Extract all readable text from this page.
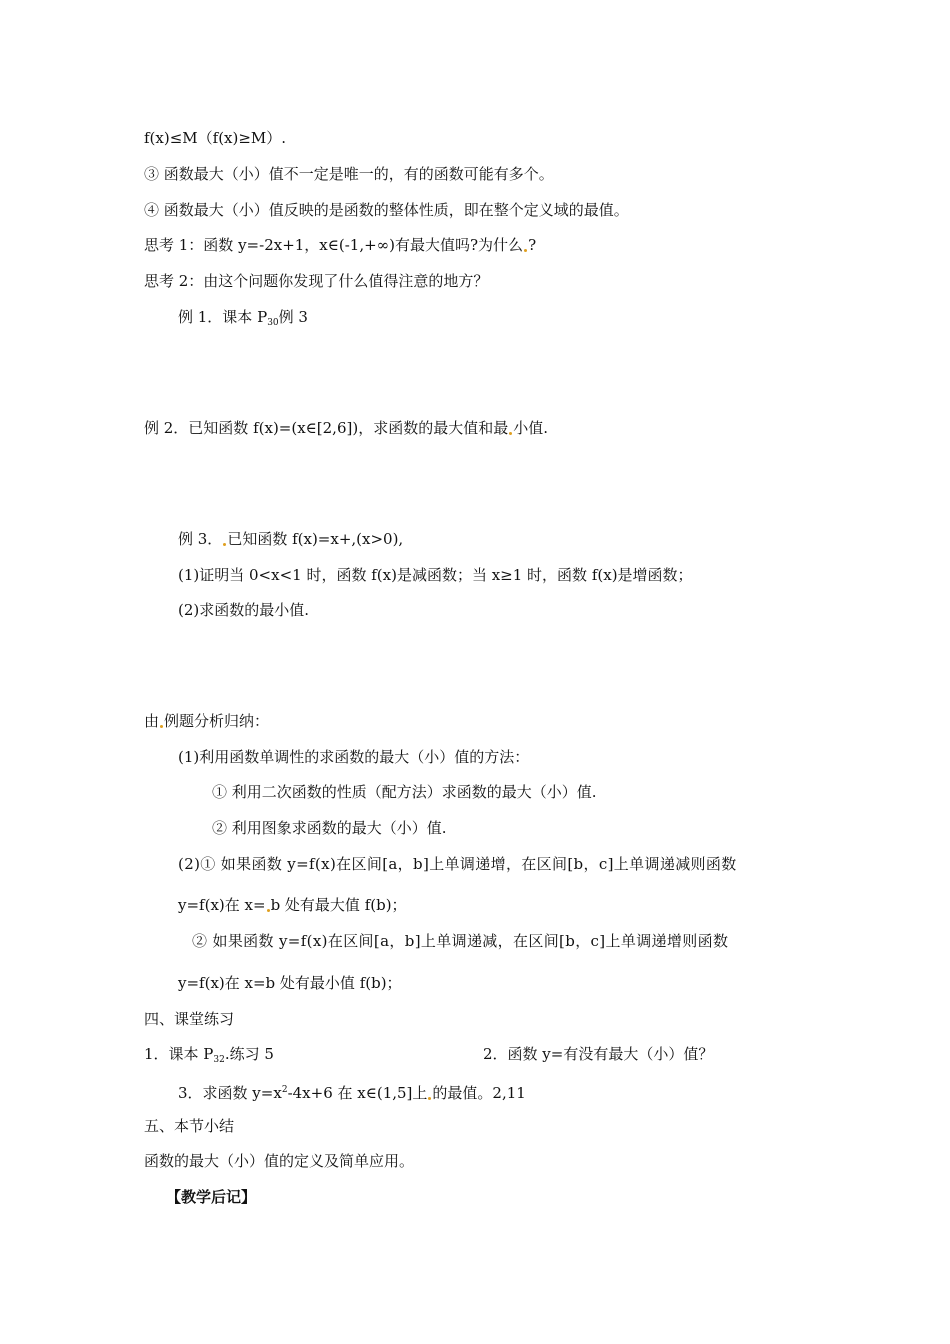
f(x)≤M（f(x)≥M）.
③ 函数最大（小）值不一定是唯一的，有的函数可能有多个。
④ 函数最大（小）值反映的是函数的整体性质，即在整个定义域的最值。
思考 1：函数 y=-2x+1，x∈(-1,+∞)有最大值吗?为什么 ?
思考 2：由这个问题你发现了什么值得注意的地方？
例 1．课本 $P_{30}$例 3
例 2．已知函数 f(x)=(x∈[2,6])，求函数的最大值和最 小值.
例 3． 已知函数 f(x)=x+,(x>0),
(1)证明当 0<x<1 时，函数 f(x)是减函数；当 x≥1 时，函数 f(x)是增函数；
(2)求函数的最小值.
由 例题分析归纳：
(1)利用函数单调性的求函数的最大（小）值的方法：
① 利用二次函数的性质（配方法）求函数的最大（小）值.
② 利用图象求函数的最大（小）值.
(2)① 如果函数 y=f(x)在区间[a，b]上单调递增，在区间[b，c]上单调递减则函数
y=f(x)在 x= b 处有最大值 f(b)；
② 如果函数 y=f(x)在区间[a，b]上单调递减，在区间[b，c]上单调递增则函数
y=f(x)在 x=b 处有最小值 f(b)；
四、课堂练习
1．课本 $P_{32}$.练习 5	2．函数 y=有没有最大（小）值？
3．求函数 $y=x^2-4x+6$ 在 x∈(1,5]上 的最值。2,11
五、本节小结
函数的最大（小）值的定义及简单应用。
【教学后记】
